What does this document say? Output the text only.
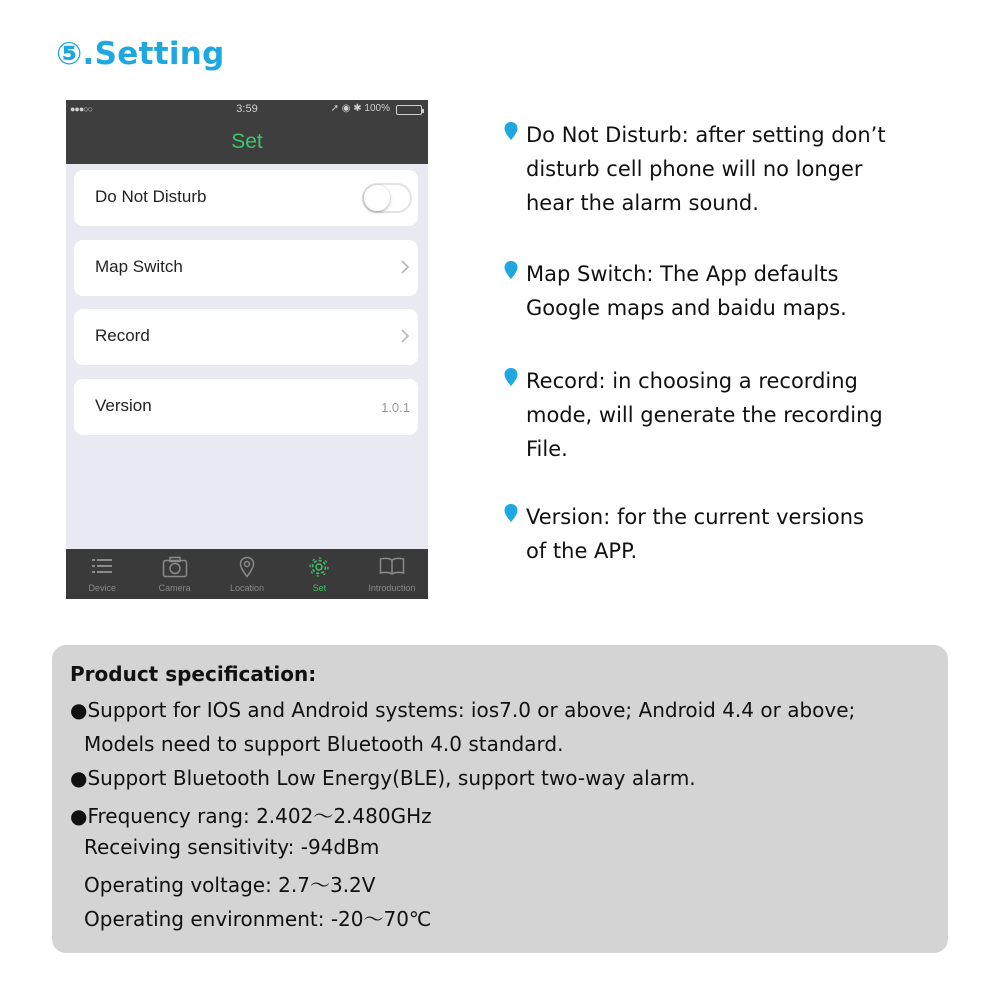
⑤.Setting
●●●○○	3:59	➚ ◉ ✱ 100%
Set
Do Not Disturb
Map Switch
Record
Version	1.0.1
Device	Camera	Location	Set	Introduction
Do Not Disturb: after setting don’t
disturb cell phone will no longer
hear the alarm sound.
Map Switch: The App defaults
Google maps and baidu maps.
Record: in choosing a recording
mode, will generate the recording
File.
Version: for the current versions
of the APP.
Product specification:
●Support for IOS and Android systems: ios7.0 or above; Android 4.4 or above;
Models need to support Bluetooth 4.0 standard.
●Support Bluetooth Low Energy(BLE), support two-way alarm.
●Frequency rang: 2.402～2.480GHz
Receiving sensitivity: -94dBm
Operating voltage: 2.7～3.2V
Operating environment: -20～70℃
